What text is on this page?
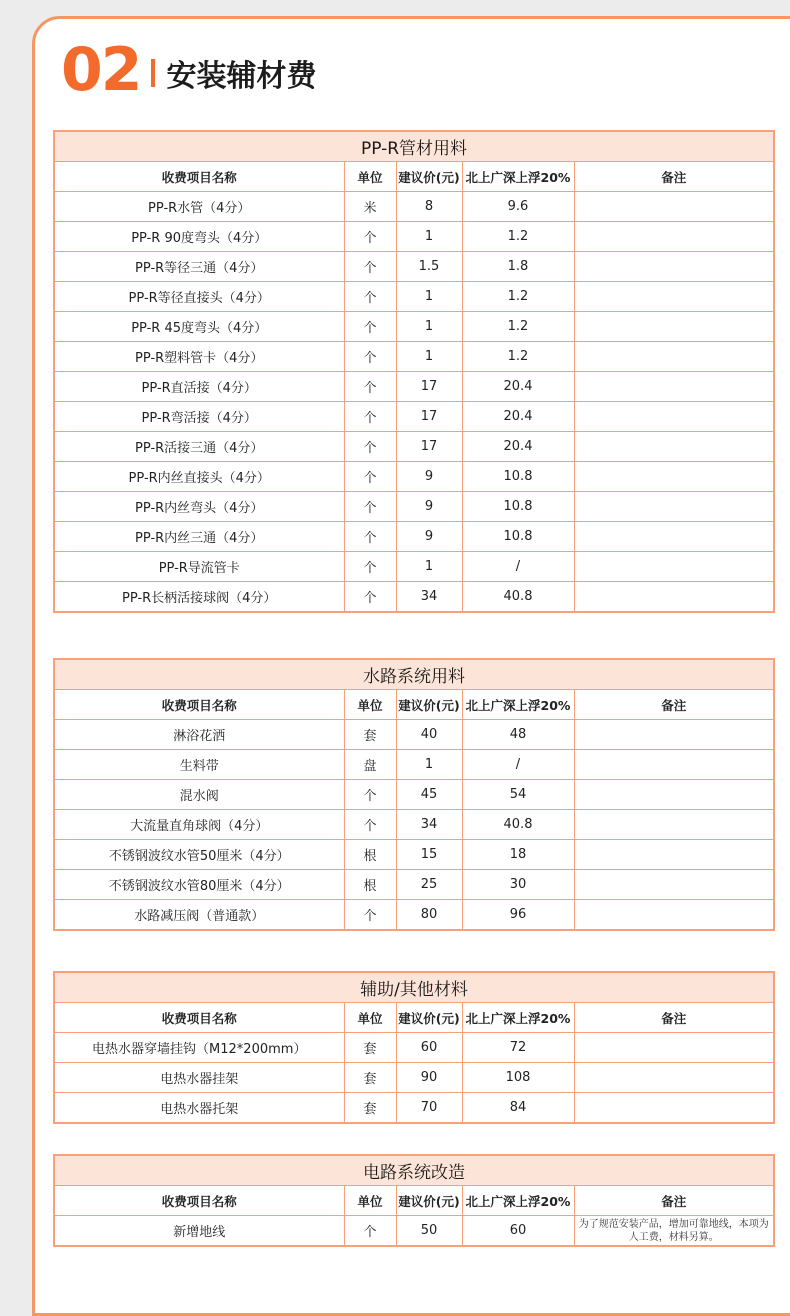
02 安装辅材费
PP-R管材用料				
收费项目名称	单位	建议价(元)	北上广深上浮20%	备注
PP-R水管（4分）	米	8	9.6	
PP-R 90度弯头（4分）	个	1	1.2	
PP-R等径三通（4分）	个	1.5	1.8	
PP-R等径直接头（4分）	个	1	1.2	
PP-R 45度弯头（4分）	个	1	1.2	
PP-R塑料管卡（4分）	个	1	1.2	
PP-R直活接（4分）	个	17	20.4	
PP-R弯活接（4分）	个	17	20.4	
PP-R活接三通（4分）	个	17	20.4	
PP-R内丝直接头（4分）	个	9	10.8	
PP-R内丝弯头（4分）	个	9	10.8	
PP-R内丝三通（4分）	个	9	10.8	
PP-R导流管卡	个	1	/	
PP-R长柄活接球阀（4分）	个	34	40.8	
水路系统用料				
收费项目名称	单位	建议价(元)	北上广深上浮20%	备注
淋浴花洒	套	40	48	
生料带	盘	1	/	
混水阀	个	45	54	
大流量直角球阀（4分）	个	34	40.8	
不锈钢波纹水管50厘米（4分）	根	15	18	
不锈钢波纹水管80厘米（4分）	根	25	30	
水路减压阀（普通款）	个	80	96	
辅助/其他材料				
收费项目名称	单位	建议价(元)	北上广深上浮20%	备注
电热水器穿墙挂钩（M12*200mm）	套	60	72	
电热水器挂架	套	90	108	
电热水器托架	套	70	84	
电路系统改造				
收费项目名称	单位	建议价(元)	北上广深上浮20%	备注
新增地线	个	50	60	为了规范安装产品，增加可靠地线，本项为人工费，材料另算。
